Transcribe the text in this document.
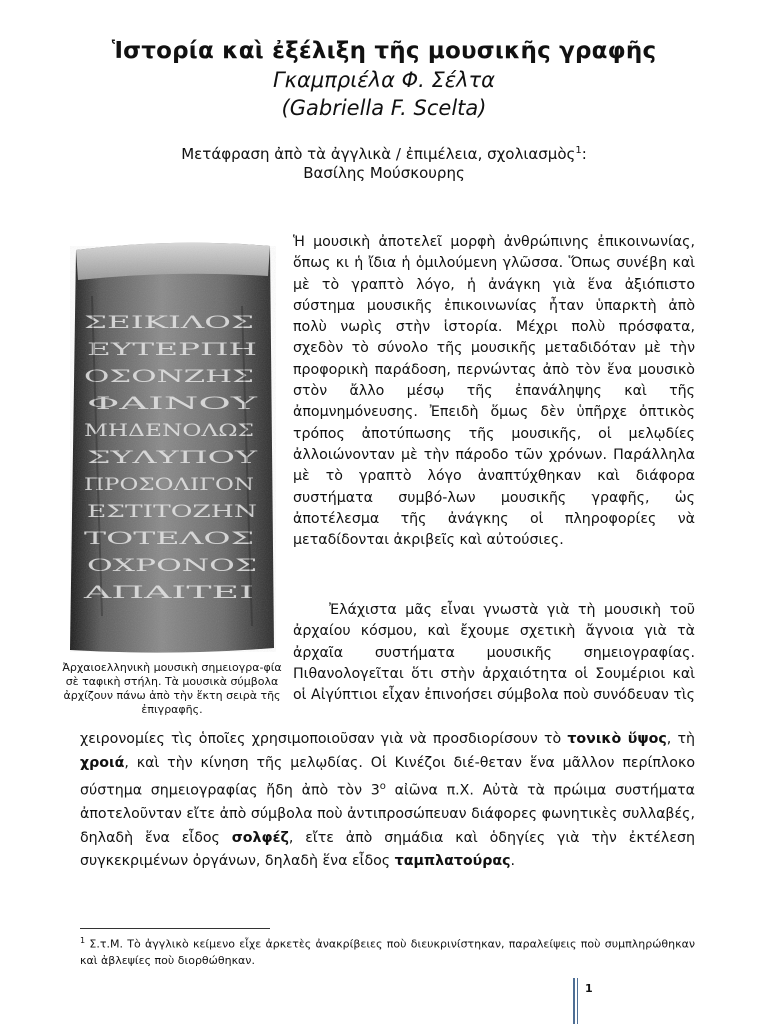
Ἱστορία καὶ ἐξέλιξη τῆς μουσικῆς γραφῆς
Γκαμπριέλα Φ. Σέλτα
(Gabriella F. Scelta)
Μετάφραση ἀπὸ τὰ ἀγγλικὰ / ἐπιμέλεια, σχολιασμὸς$^1$:
Βασίλης Μούσκουρης
ΣΕΙΚΙΛΟΣ
ΕΥΤΕΡΠΗ
ΟΣΟΝΖΗΣ
ΦΑΙΝΟΥ
ΜΗΔΕΝΟΛΩΣ
ΣΥΛΥΠΟΥ
ΠΡΟΣΟΛΙΓΟΝ
ΕΣΤΙΤΟΖΗΝ
ΤΟΤΕΛΟΣ
ΟΧΡΟΝΟΣ
ΑΠΑΙΤΕΙ
Ἀρχαιοελληνικὴ μουσικὴ σημειογρα-φία σὲ ταφικὴ στήλη. Τὰ μουσικὰ σύμβολα ἀρχίζουν πάνω ἀπὸ τὴν ἕκτη σειρὰ τῆς ἐπιγραφῆς.
Ἡ μουσικὴ ἀποτελεῖ μορφὴ ἀνθρώπινης ἐπικοινωνίας, ὅπως κι ἡ ἴδια ἡ ὁμιλούμενη γλῶσσα. Ὅπως συνέβη καὶ μὲ τὸ γραπτὸ λόγο, ἡ ἀνάγκη γιὰ ἕνα ἀξιόπιστο σύστημα μουσικῆς ἐπικοινωνίας ἦταν ὑπαρκτὴ ἀπὸ πολὺ νωρὶς στὴν ἱστορία. Μέχρι πολὺ πρόσφατα, σχεδὸν τὸ σύνολο τῆς μουσικῆς μεταδιδόταν μὲ τὴν προφορικὴ παράδοση, περνώντας ἀπὸ τὸν ἕνα μουσικὸ στὸν ἄλλο μέσῳ τῆς ἐπανάληψης καὶ τῆς ἀπομνημόνευσης. Ἐπειδὴ ὅμως δὲν ὑπῆρχε ὀπτικὸς τρόπος ἀποτύπωσης τῆς μουσικῆς, οἱ μελῳδίες ἀλλοιώνονταν μὲ τὴν πάροδο τῶν χρόνων. Παράλληλα μὲ τὸ γραπτὸ λόγο ἀναπτύχθηκαν καὶ διάφορα συστήματα συμβό-λων μουσικῆς γραφῆς, ὡς ἀποτέλεσμα τῆς ἀνάγκης οἱ πληροφορίες νὰ μεταδίδονται ἀκριβεῖς καὶ αὐτούσιες.
Ἐλάχιστα μᾶς εἶναι γνωστὰ γιὰ τὴ μουσικὴ τοῦ ἀρχαίου κόσμου, καὶ ἔχουμε σχετικὴ ἄγνοια γιὰ τὰ ἀρχαῖα συστήματα μουσικῆς σημειογραφίας. Πιθανολογεῖται ὅτι στὴν ἀρχαιότητα οἱ Σουμέριοι καὶ οἱ Αἰγύπτιοι εἶχαν ἐπινοήσει σύμβολα ποὺ συνόδευαν τὶς
χειρονομίες τὶς ὁποῖες χρησιμοποιοῦσαν γιὰ νὰ προσδιορίσουν τὸ τονικὸ ὕψος, τὴ χροιά, καὶ τὴν κίνηση τῆς μελῳδίας. Οἱ Κινέζοι διέ-θεταν ἕνα μᾶλλον περίπλοκο σύστημα σημειογραφίας ἤδη ἀπὸ τὸν $3^o$ αἰῶνα π.Χ. Αὐτὰ τὰ πρώιμα συστήματα ἀποτελοῦνταν εἴτε ἀπὸ σύμβολα ποὺ ἀντιπροσώπευαν διάφορες φωνητικὲς συλλαβές, δηλαδὴ ἕνα εἶδος σολφέζ, εἴτε ἀπὸ σημάδια καὶ ὁδηγίες γιὰ τὴν ἐκτέλεση συγκεκριμένων ὀργάνων, δηλαδὴ ἕνα εἶδος ταμπλατούρας.
$^1$ Σ.τ.Μ. Τὸ ἀγγλικὸ κείμενο εἶχε ἀρκετὲς ἀνακρίβειες ποὺ διευκρινίστηκαν, παραλείψεις ποὺ συμπληρώθηκαν καὶ ἀβλεψίες ποὺ διορθώθηκαν.
1
